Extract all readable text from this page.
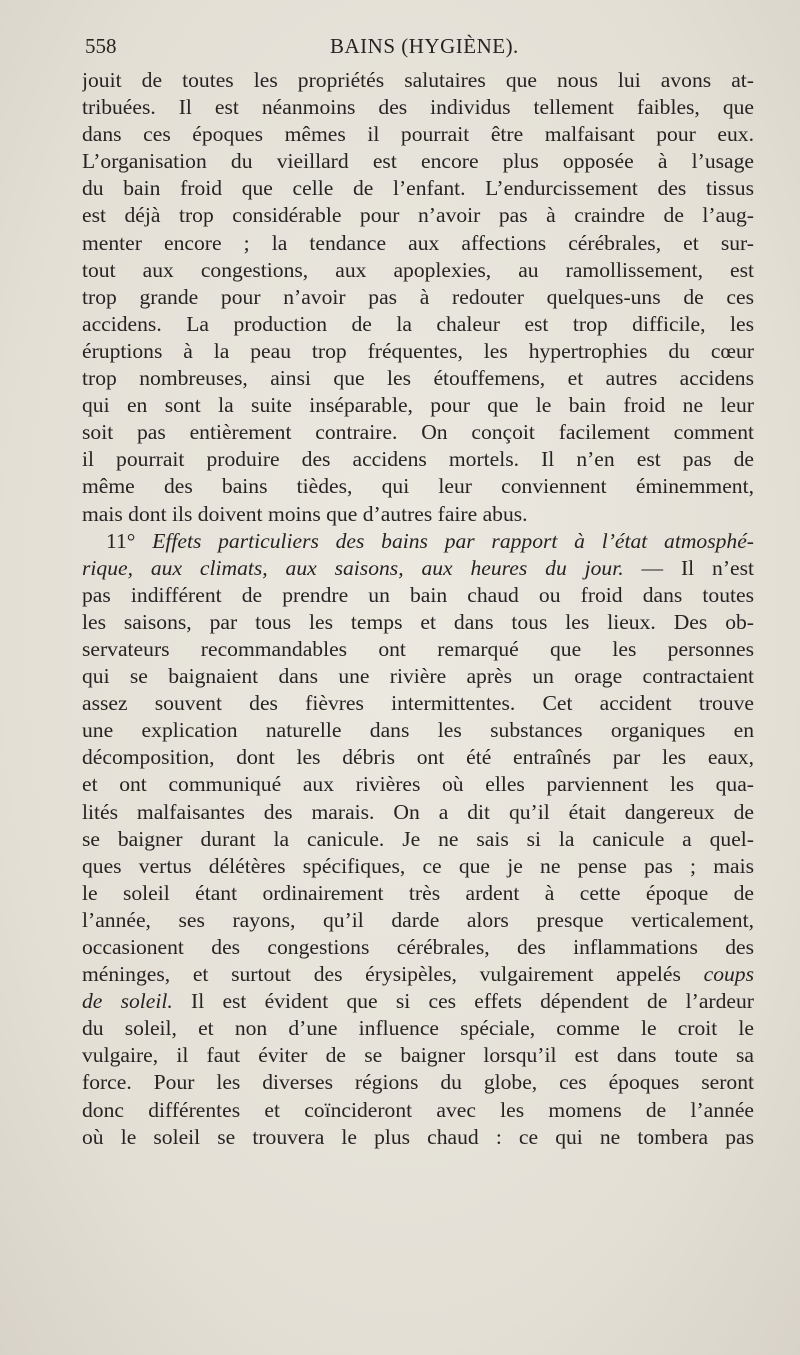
558	BAINS (HYGIÈNE).
jouit de toutes les propriétés salutaires que nous lui avons at-
tribuées. Il est néanmoins des individus tellement faibles, que
dans ces époques mêmes il pourrait être malfaisant pour eux.
L’organisation du vieillard est encore plus opposée à l’usage
du bain froid que celle de l’enfant. L’endurcissement des tissus
est déjà trop considérable pour n’avoir pas à craindre de l’aug-
menter encore ; la tendance aux affections cérébrales, et sur-
tout aux congestions, aux apoplexies, au ramollissement, est
trop grande pour n’avoir pas à redouter quelques-uns de ces
accidens. La production de la chaleur est trop difficile, les
éruptions à la peau trop fréquentes, les hypertrophies du cœur
trop nombreuses, ainsi que les étouffemens, et autres accidens
qui en sont la suite inséparable, pour que le bain froid ne leur
soit pas entièrement contraire. On conçoit facilement comment
il pourrait produire des accidens mortels. Il n’en est pas de
même des bains tièdes, qui leur conviennent éminemment,
mais dont ils doivent moins que d’autres faire abus.
11° Effets particuliers des bains par rapport à l’état atmosphé-
rique, aux climats, aux saisons, aux heures du jour. — Il n’est
pas indifférent de prendre un bain chaud ou froid dans toutes
les saisons, par tous les temps et dans tous les lieux. Des ob-
servateurs recommandables ont remarqué que les personnes
qui se baignaient dans une rivière après un orage contractaient
assez souvent des fièvres intermittentes. Cet accident trouve
une explication naturelle dans les substances organiques en
décomposition, dont les débris ont été entraînés par les eaux,
et ont communiqué aux rivières où elles parviennent les qua-
lités malfaisantes des marais. On a dit qu’il était dangereux de
se baigner durant la canicule. Je ne sais si la canicule a quel-
ques vertus délétères spécifiques, ce que je ne pense pas ; mais
le soleil étant ordinairement très ardent à cette époque de
l’année, ses rayons, qu’il darde alors presque verticalement,
occasionent des congestions cérébrales, des inflammations des
méninges, et surtout des érysipèles, vulgairement appelés coups
de soleil. Il est évident que si ces effets dépendent de l’ardeur
du soleil, et non d’une influence spéciale, comme le croit le
vulgaire, il faut éviter de se baigner lorsqu’il est dans toute sa
force. Pour les diverses régions du globe, ces époques seront
donc différentes et coïncideront avec les momens de l’année
où le soleil se trouvera le plus chaud : ce qui ne tombera pas
